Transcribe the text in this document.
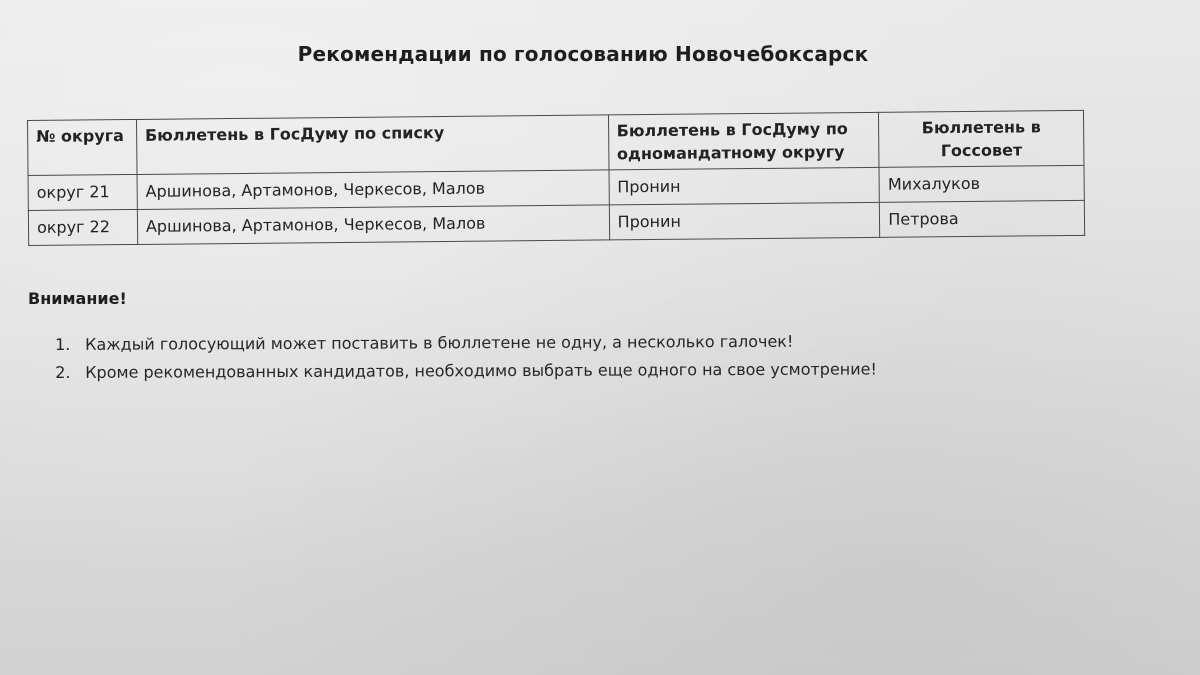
Рекомендации по голосованию Новочебоксарск
№ округа	Бюллетень в ГосДуму по списку	Бюллетень в ГосДуму по одномандатному округу	Бюллетень в Госсовет
округ 21	Аршинова, Артамонов, Черкесов, Малов	Пронин	Михалуков
округ 22	Аршинова, Артамонов, Черкесов, Малов	Пронин	Петрова
Внимание!
1. Каждый голосующий может поставить в бюллетене не одну, а несколько галочек!
2. Кроме рекомендованных кандидатов, необходимо выбрать еще одного на свое усмотрение!
